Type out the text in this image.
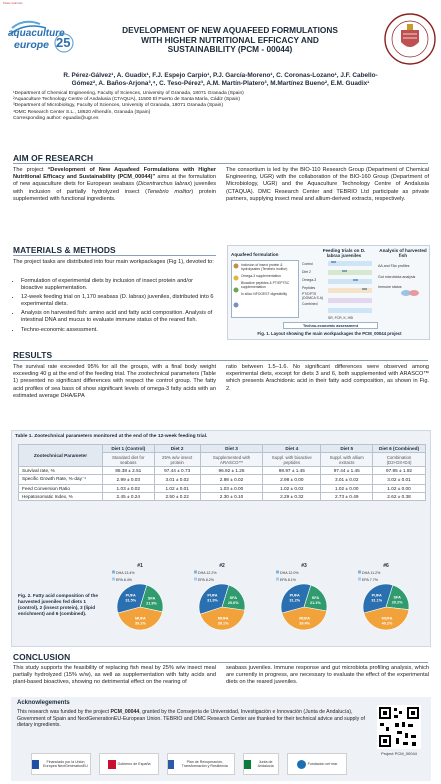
Poster code here
aquaculture
europe 25
DEVELOPMENT OF NEW AQUAFEED FORMULATIONS
WITH HIGHER NUTRITIONAL EFFICACY AND
SUSTAINABILITY (PCM - 00044)
R. Pérez-Gálvez¹, A. Guadix¹, F.J. Espejo Carpio¹, P.J. García-Moreno¹, C. Coronas-Lozano¹, J.F. Cabello-
Gómez², A. Baños-Arjona³,⁴, C. Teso-Pérez³, A.M. Martín-Platero³, M.Martínez Bueno², E.M. Guadix¹
¹Department of Chemical Engineering, Faculty of Sciences, University of Granada, 18071 Granada (Spain)
²Aquaculture Technology Centre of Andalusia (CTAQUA), 11500 El Puerto de Santa María, Cádiz (Spain)
³Department of Microbiology, Faculty of Sciences, University of Granada, 18071 Granada (Spain)
⁴DMC Research Center S.L., 18620 Alhendín, Granada (Spain)
Corresponding author: eguadix@ugr.es
AIM OF RESEARCH
The project “Development of New Aquafeed Formulations with Higher Nutritional Efficacy and Sustainability (PCM_00044)” aims at the formulation of new aquaculture diets for European seabass (Dicentrarchus labrax) juveniles with inclusion of partially hydrolyzed insect (Tenebrio molitor) protein supplemented with functional ingredients.
The consortium is led by the BIO-110 Research Group (Department of Chemical Engineering, UGR) with the collaboration of the BIO-160 Group (Department of Microbiology, UGR) and the Aquaculture Technology Centre of Andalusia (CTAQUA). DMC Research Center and TEBRIO Ltd participate as private partners, supplying insect meal and allium-derived extracts, respectively.
MATERIALS & METHODS
The project tasks are distributed into four main workpackages (Fig 1), devoted to:
• Formulation of experimental diets by inclusion of insect protein and/or bioactive supplementation.
• 12-week feeding trial on 1,170 seabass (D. labrax) juveniles, distributed into 6 experimental diets.
• Analysis on harvested fish: amino acid and fatty acid composition. Analysis of intestinal DNA and mucus to evaluate immune status of the reared fish.
• Techno-economic assessment.
Aquafeed formulation
Feeding trials on D. labrax juveniles
Analysis of harvested fish
Inclusion of insect protein & hydrolysates (Tenebrio molitor)
Omega-3 supplementation
Bioactive peptides & PT/EPTSC supplementation
In silico NFOGEST digestibility
Control
Diet 2
Omega-3
Peptides
PT/DPTS (DOMCA S.A)
Combined
SR, FCR, K, HSI
AA and FAs profiles
Gut microbiota analysis
Immune status
Techno-economic assessment
Fig. 1. Layout showing the main workpackages the PCM_00044 project
RESULTS
The survival rate exceeded 95% for all the groups, with a final body weight exceeding 40 g at the end of the feeding trial. The zootechnical parameters (Table 1) presented no significant differences with respect the control group. The fatty acid profiles of sea bass oil show significant levels of omega-3 fatty acids with an estimated average DHA/EPA
ratio between 1.5–1.6. No significant differences were observed among experimental diets, except for diets 3 and 6, both supplemented with ARASCO™ which presents Arachidonic acid in their fatty acid composition, as shown in Fig. 2.
Table 1. Zootechnical parameters monitored at the end of the 12-week feeding trial.
Zootechnical Parameter	Diet 1 (Control)	Diet 2	Diet 3	Diet 4	Diet 5	Diet 6 (Combined)
	Standard diet for seabass	25% w/w insect protein	Supplemented with ARASCO™	Suppl. with bioactive peptides	Suppl. with allium extracts	Combination (D2+D3+D4)
Survival rate, %	95.38 ± 2.51	97.44 ± 0.73	96.92 ± 1.26	98.97 ± 1.45	97.44 ± 1.45	97.95 ± 1.92
Specific Growth Rate, %·day⁻¹	2.99 ± 0.03	3.01 ± 0.02	2.98 ± 0.02	2.98 ± 0.00	3.01 ± 0.02	3.02 ± 0.01
Feed Conversion Ratio	1.03 ± 0.02	1.02 ± 0.01	1.03 ± 0.00	1.02 ± 0.02	1.02 ± 0.00	1.02 ± 0.00
Hepatosomatic Index, %	2.45 ± 0.24	2.50 ± 0.22	2.30 ± 0.10	2.29 ± 0.32	2.73 ± 0.49	2.62 ± 0.38
Fig. 2. Fatty acid composition of the harvested juveniles fed diets 1 (control), 2 (insect protein), 3 (lipid enrichment) and 6 (combined).
#1
SFA
21.9%
MUFA
39.2%
PUFA
31.5%
DHA 13.4%
EPA 8.4%
#2
SFA
20.6%
MUFA
39.1%
PUFA
31.9%
DHA 12.2%
EPA 8.2%
#3
SFA
21.1%
MUFA
39.4%
PUFA
31.2%
DHA 12.0%
EPA 8.1%
#6
SFA
20.2%
MUFA
40.2%
PUFA
31.1%
DHA 11.2%
EPA 7.7%
CONCLUSION
This study supports the feasibility of replacing fish meal by 25% w/w insect meal partially hydrolyzed (15% w/w), as well as supplementation with fatty acids and plant-based bioactives, showing no detrimental effect on the rearing of
seabass juveniles. Immune response and gut microbiota profiling analysis, which are currently in progress, are necessary to evaluate the effect of the experimental diets on the reared juveniles.
Acknowlegements
This research was funded by the project PCM_00044, granted by the Consejería de Universidad, Investigación e Innovación (Junta de Andalucía), Government of Spain and NextGenerationEU-European Union. TEBRIO and DMC Research Center are thanked for their technical advice and supply of dietary ingredients.
Financiado por la Unión Europea NextGenerationEU
Gobierno de España
Plan de Recuperación, Transformación y Resiliencia
Junta de Andalucía
Fundación cei·mar
Project PCM_00044
